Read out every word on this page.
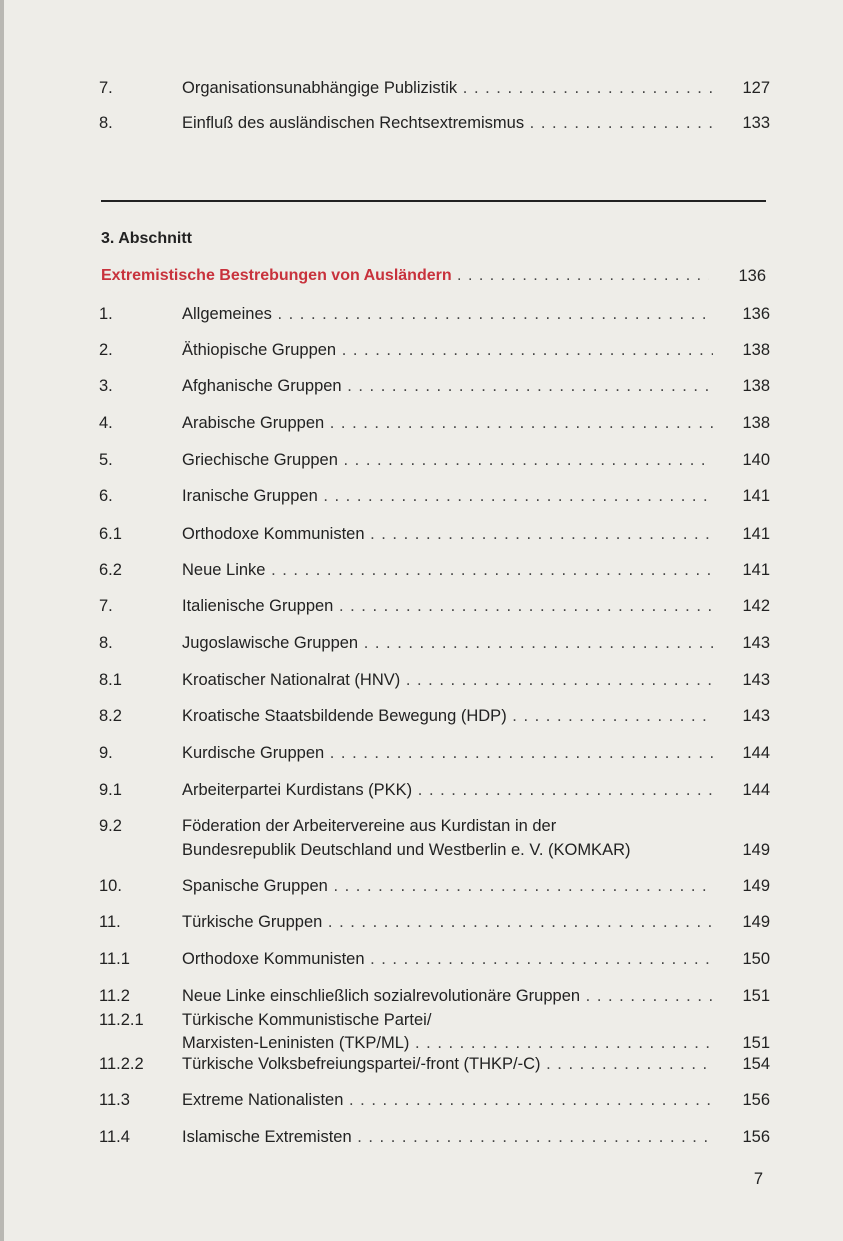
7.	Organisationsunabhängige Publizistik . . .	127
8.	Einfluß des ausländischen Rechtsextremismus . . .	133
3. Abschnitt
Extremistische Bestrebungen von Ausländern . . .	136
1.	Allgemeines . . .	136
2.	Äthiopische Gruppen . . .	138
3.	Afghanische Gruppen . . .	138
4.	Arabische Gruppen . . .	138
5.	Griechische Gruppen . . .	140
6.	Iranische Gruppen . . .	141
6.1	Orthodoxe Kommunisten . . .	141
6.2	Neue Linke . . .	141
7.	Italienische Gruppen . . .	142
8.	Jugoslawische Gruppen . . .	143
8.1	Kroatischer Nationalrat (HNV) . . .	143
8.2	Kroatische Staatsbildende Bewegung (HDP) . . .	143
9.	Kurdische Gruppen . . .	144
9.1	Arbeiterpartei Kurdistans (PKK) . . .	144
9.2	Föderation der Arbeitervereine aus Kurdistan in der
Bundesrepublik Deutschland und Westberlin e. V. (KOMKAR)	149
10.	Spanische Gruppen . . .	149
11.	Türkische Gruppen . . .	149
11.1	Orthodoxe Kommunisten . . .	150
11.2	Neue Linke einschließlich sozialrevolutionäre Gruppen . . .	151
11.2.1 Türkische Kommunistische Partei/
Marxisten-Leninisten (TKP/ML) . . .	151
11.2.2 Türkische Volksbefreiungspartei/-front (THKP/-C) . . .	154
11.3	Extreme Nationalisten . . .	156
11.4	Islamische Extremisten . . .	156
7
